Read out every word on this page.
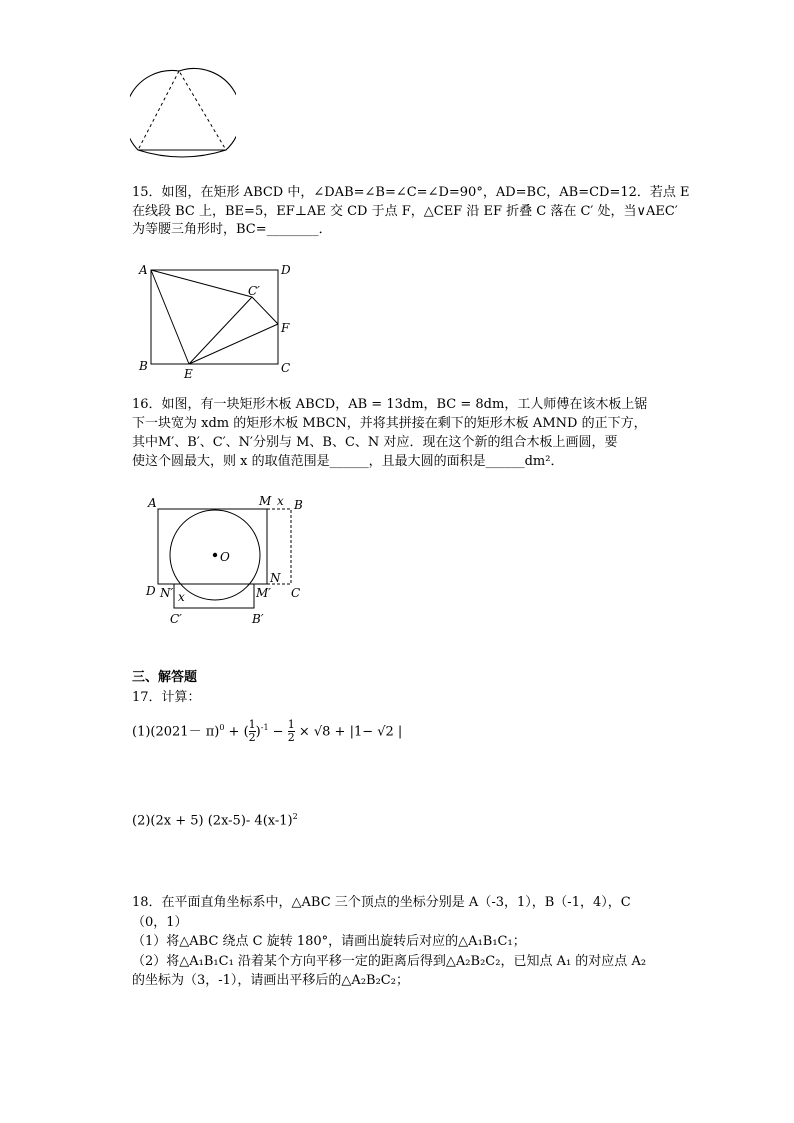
15．如图，在矩形 ABCD 中，∠DAB=∠B=∠C=∠D=90°，AD=BC，AB=CD=12．若点 E
在线段 BC 上，BE=5，EF⊥AE 交 CD 于点 F，△CEF 沿 EF 折叠 C 落在 C′ 处，当∨AEC′
为等腰三角形时，BC=________．
A	D
C′
F
B
E	C
16．如图，有一块矩形木板 ABCD，AB = 13dm，BC = 8dm，工人师傅在该木板上锯
下一块宽为 xdm 的矩形木板 MBCN，并将其拼接在剩下的矩形木板 AMND 的正下方，
其中M′、B′、C′、N′分别与 M、B、C、N 对应．现在这个新的组合木板上画圆，要
使这个圆最大，则 x 的取值范围是______，且最大圆的面积是______dm²．
O
A	M x B
D N′ x	M′
N
C
C′	B′
三、解答题
17．计算：
$(1)(2021- \pi)^0$ + ( $\frac{1}{2} )^{-1} - \frac{1}{2} \times √8 + |1- √2$ |
(2)(2x + 5) (2x-5)- $4(x-1)^2$
18．在平面直角坐标系中，△ABC 三个顶点的坐标分别是 A（-3，1），B（-1，4），C
（0，1）
（1）将△ABC 绕点 C 旋转 180°，请画出旋转后对应的△A₁B₁C₁；
（2）将△A₁B₁C₁ 沿着某个方向平移一定的距离后得到△A₂B₂C₂，已知点 A₁ 的对应点 A₂
的坐标为（3，-1），请画出平移后的△A₂B₂C₂；
